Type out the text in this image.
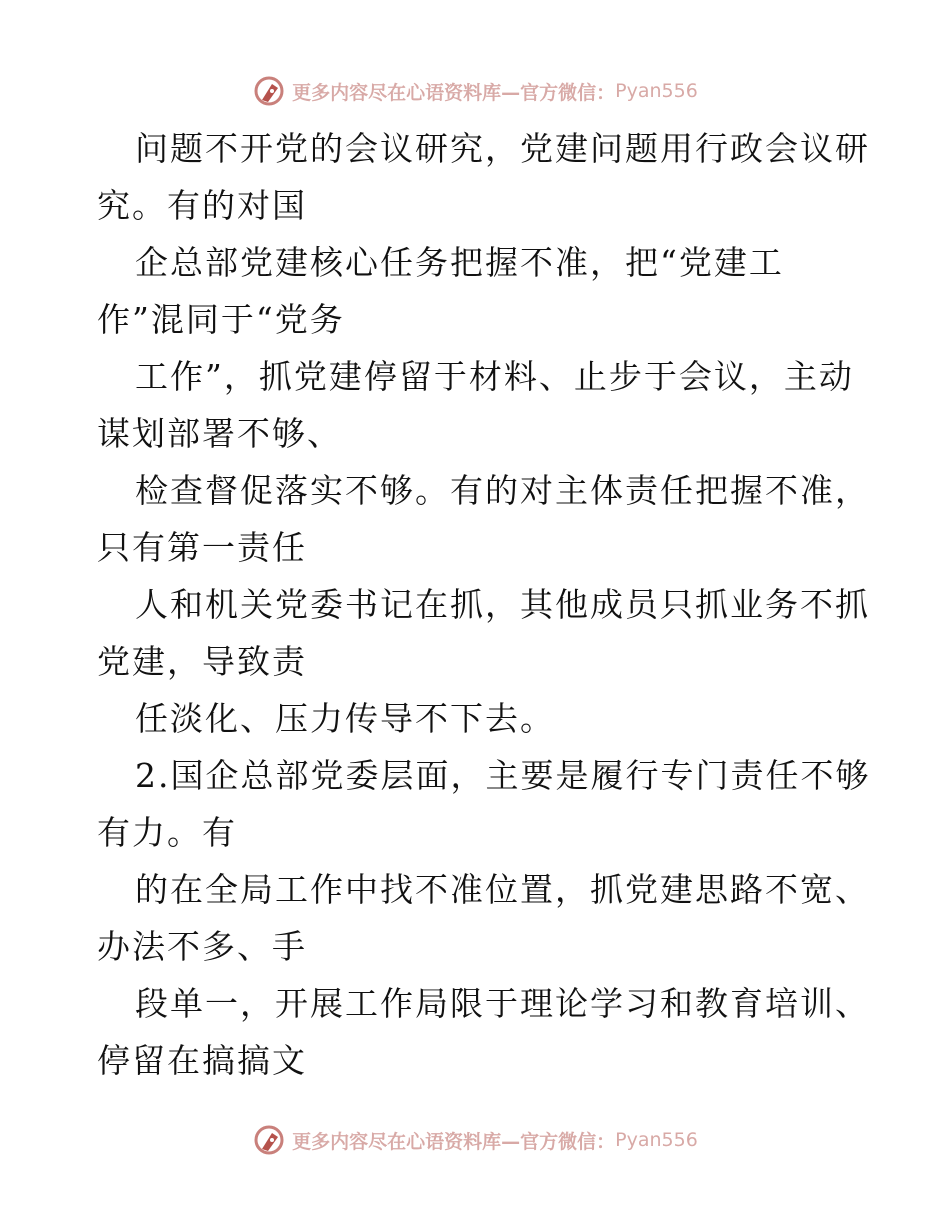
更多内容尽在心语资料库—官方微信： Pyan556
问题不开党的会议研究，党建问题用行政会议研
究。有的对国
企总部党建核心任务把握不准，把“党建工
作”混同于“党务
工作”，抓党建停留于材料、止步于会议，主动
谋划部署不够、
检查督促落实不够。有的对主体责任把握不准，
只有第一责任
人和机关党委书记在抓，其他成员只抓业务不抓
党建，导致责
任淡化、压力传导不下去。
2.国企总部党委层面，主要是履行专门责任不够
有力。有
的在全局工作中找不准位置，抓党建思路不宽、
办法不多、手
段单一，开展工作局限于理论学习和教育培训、
停留在搞搞文
更多内容尽在心语资料库—官方微信： Pyan556
